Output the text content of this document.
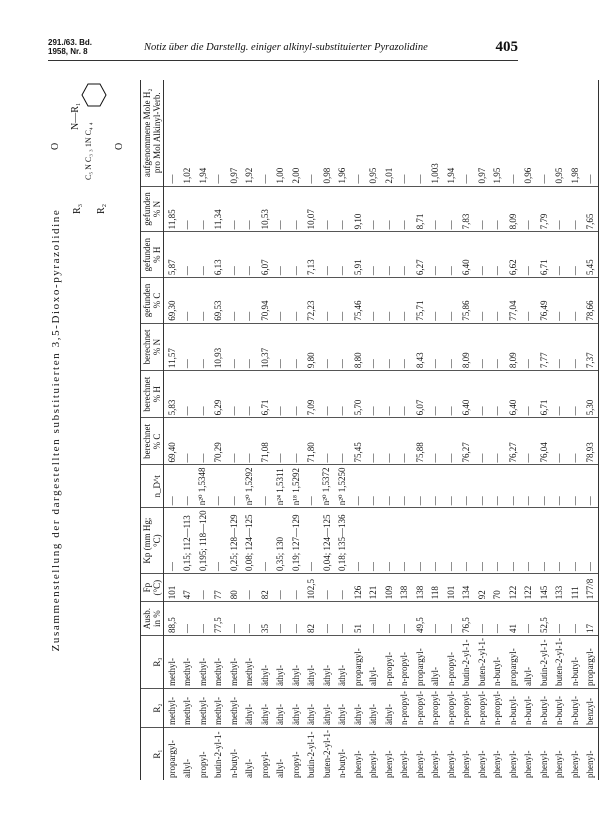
291./63. Bd.
1958, Nr. 8	Notiz über die Darstellg. einiger alkinyl-substituierter Pyrazolidine	405
Zusammenstellung der dargestellten substituierten 3,5-Dioxo-pyrazolidine
O	O
N—R₁
R₃ R₂
C₅ N C₃ ₃ 1N C₄ ₄
R₁	R₂	R₃	Ausb. in %	Fp (°C)	Kp (mm Hg; °C)	n_D^t	berechnet % C	berechnet % H	berechnet % N	gefunden % C	gefunden % H	gefunden % N	aufgenommene Mole H₂ pro Mol Alkinyl-Verb.
propargyl-	methyl-	methyl-	88,5	101	—	—	69,40	5,83	11,57	69,30	5,87	11,85	—
allyl-	methyl-	methyl-	—	47	0,15; 112—113	—	—	—	—	—	—	—	1,02
propyl-	methyl-	methyl-	—	—	0,195; 118—120	n²⁰ 1,5348	—	—	—	—	—	—	1,94
butin-2-yl-1-	methyl-	methyl-	77,5	77	—	—	70,29	6,29	10,93	69,53	6,13	11,34	—
n-butyl-	methyl-	methyl-	—	80	0,25; 128—129	—	—	—	—	—	—	—	0,97
allyl-	äthyl-	methyl-	—	—	0,08; 124—125	n²⁰ 1,5292	—	—	—	—	—	—	1,92
propyl-	äthyl-	äthyl-	35	82	—	—	71,08	6,71	10,37	70,94	6,07	10,53	—
allyl-	äthyl-	äthyl-	—	—	0,35; 130	n²⁴ 1,5311	—	—	—	—	—	—	1,00
propyl-	äthyl-	äthyl-	—	—	0,19; 127—129	n¹⁸ 1,5292	—	—	—	—	—	—	2,00
butin-2-yl-1-	äthyl-	äthyl-	82	102,5	—	—	71,80	7,09	9,80	72,23	7,13	10,07	—
buten-2-yl-1-	äthyl-	äthyl-	—	—	0,04; 124—125	n²⁰ 1,5372	—	—	—	—	—	—	0,98
n-butyl-	äthyl-	äthyl-	—	—	0,18; 135—136	n²⁰ 1,5250	—	—	—	—	—	—	1,96
phenyl-	äthyl-	propargyl-	51	126	—	—	75,45	5,70	8,80	75,46	5,91	9,10	—
phenyl-	äthyl-	allyl-	—	121	—	—	—	—	—	—	—	—	0,95
phenyl-	äthyl-	n-propyl-	—	109	—	—	—	—	—	—	—	—	2,01
phenyl-	n-propyl-	n-propyl-	—	138	—	—	—	—	—	—	—	—	—
phenyl-	n-propyl-	propargyl-	49,5	138	—	—	75,88	6,07	8,43	75,71	6,27	8,71	—
phenyl-	n-propyl-	allyl-	—	118	—	—	—	—	—	—	—	—	1,003
phenyl-	n-propyl-	n-propyl-	—	101	—	—	—	—	—	—	—	—	1,94
phenyl-	n-propyl-	butin-2-yl-1-	76,5	134	—	—	76,27	6,40	8,09	75,86	6,40	7,83	—
phenyl-	n-propyl-	buten-2-yl-1-	—	92	—	—	—	—	—	—	—	—	0,97
phenyl-	n-propyl-	n-butyl-	—	70	—	—	—	—	—	—	—	—	1,95
phenyl-	n-butyl-	propargyl-	41	122	—	—	76,27	6,40	8,09	77,04	6,62	8,09	—
phenyl-	n-butyl-	allyl-	—	122	—	—	—	—	—	—	—	—	0,96
phenyl-	n-butyl-	butin-2-yl-1-	52,5	145	—	—	76,04	6,71	7,77	76,49	6,71	7,79	—
phenyl-	n-butyl-	buten-2-yl-1-	—	133	—	—	—	—	—	—	—	—	0,95
phenyl-	n-butyl-	n-butyl-	—	111	—	—	—	—	—	—	—	—	1,98
phenyl-	benzyl-	propargyl-	17	177/8	—	—	78,93	5,30	7,37	78,66	5,45	7,65	—
